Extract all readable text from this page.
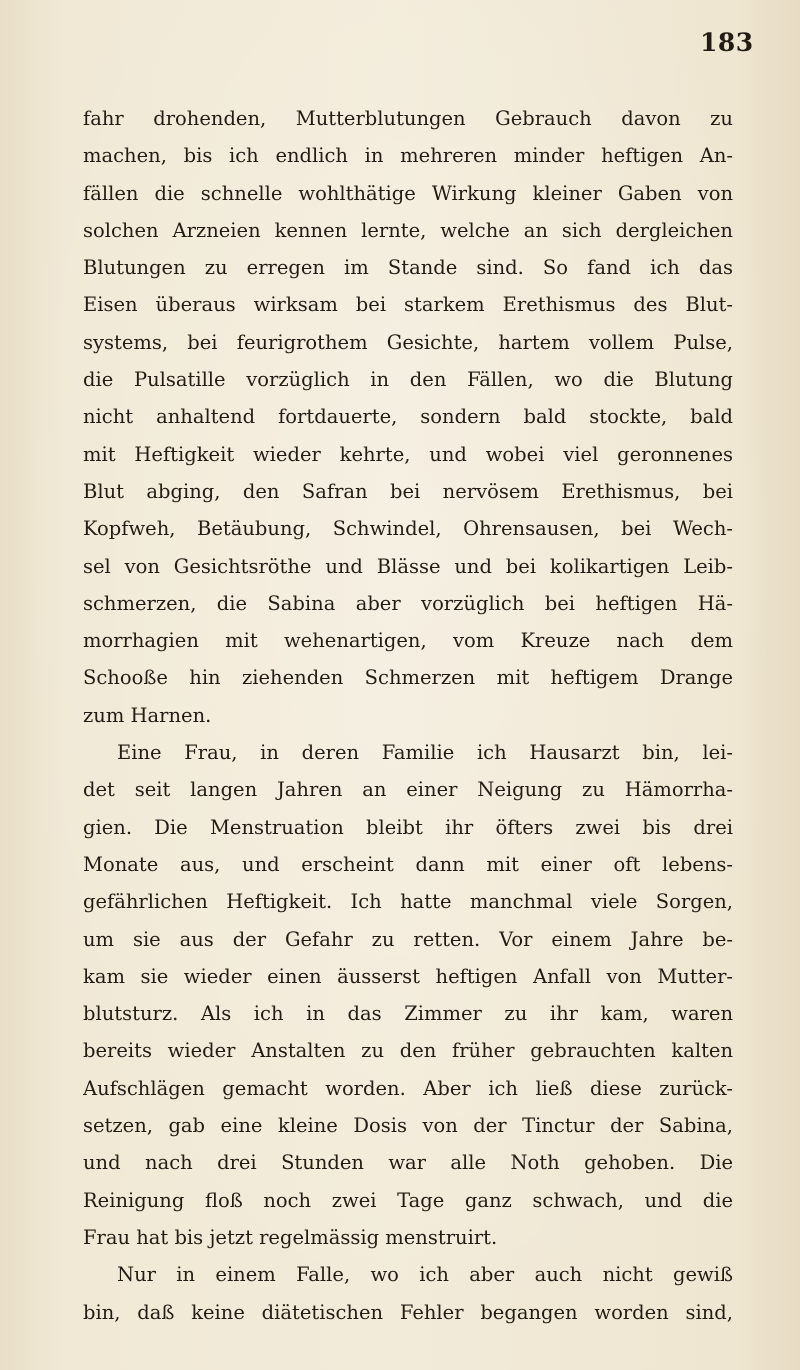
183
fahr drohenden, Mutterblutungen Gebrauch davon zu
machen, bis ich endlich in mehreren minder heftigen An-
fällen die schnelle wohlthätige Wirkung kleiner Gaben von
solchen Arzneien kennen lernte, welche an sich dergleichen
Blutungen zu erregen im Stande sind. So fand ich das
Eisen überaus wirksam bei starkem Erethismus des Blut-
systems, bei feurigrothem Gesichte, hartem vollem Pulse,
die Pulsatille vorzüglich in den Fällen, wo die Blutung
nicht anhaltend fortdauerte, sondern bald stockte, bald
mit Heftigkeit wieder kehrte, und wobei viel geronnenes
Blut abging, den Safran bei nervösem Erethismus, bei
Kopfweh, Betäubung, Schwindel, Ohrensausen, bei Wech-
sel von Gesichtsröthe und Blässe und bei kolikartigen Leib-
schmerzen, die Sabina aber vorzüglich bei heftigen Hä-
morrhagien mit wehenartigen, vom Kreuze nach dem
Schooße hin ziehenden Schmerzen mit heftigem Drange
zum Harnen.
Eine Frau, in deren Familie ich Hausarzt bin, lei-
det seit langen Jahren an einer Neigung zu Hämorrha-
gien. Die Menstruation bleibt ihr öfters zwei bis drei
Monate aus, und erscheint dann mit einer oft lebens-
gefährlichen Heftigkeit. Ich hatte manchmal viele Sorgen,
um sie aus der Gefahr zu retten. Vor einem Jahre be-
kam sie wieder einen äusserst heftigen Anfall von Mutter-
blutsturz. Als ich in das Zimmer zu ihr kam, waren
bereits wieder Anstalten zu den früher gebrauchten kalten
Aufschlägen gemacht worden. Aber ich ließ diese zurück-
setzen, gab eine kleine Dosis von der Tinctur der Sabina,
und nach drei Stunden war alle Noth gehoben. Die
Reinigung floß noch zwei Tage ganz schwach, und die
Frau hat bis jetzt regelmässig menstruirt.
Nur in einem Falle, wo ich aber auch nicht gewiß
bin, daß keine diätetischen Fehler begangen worden sind,
